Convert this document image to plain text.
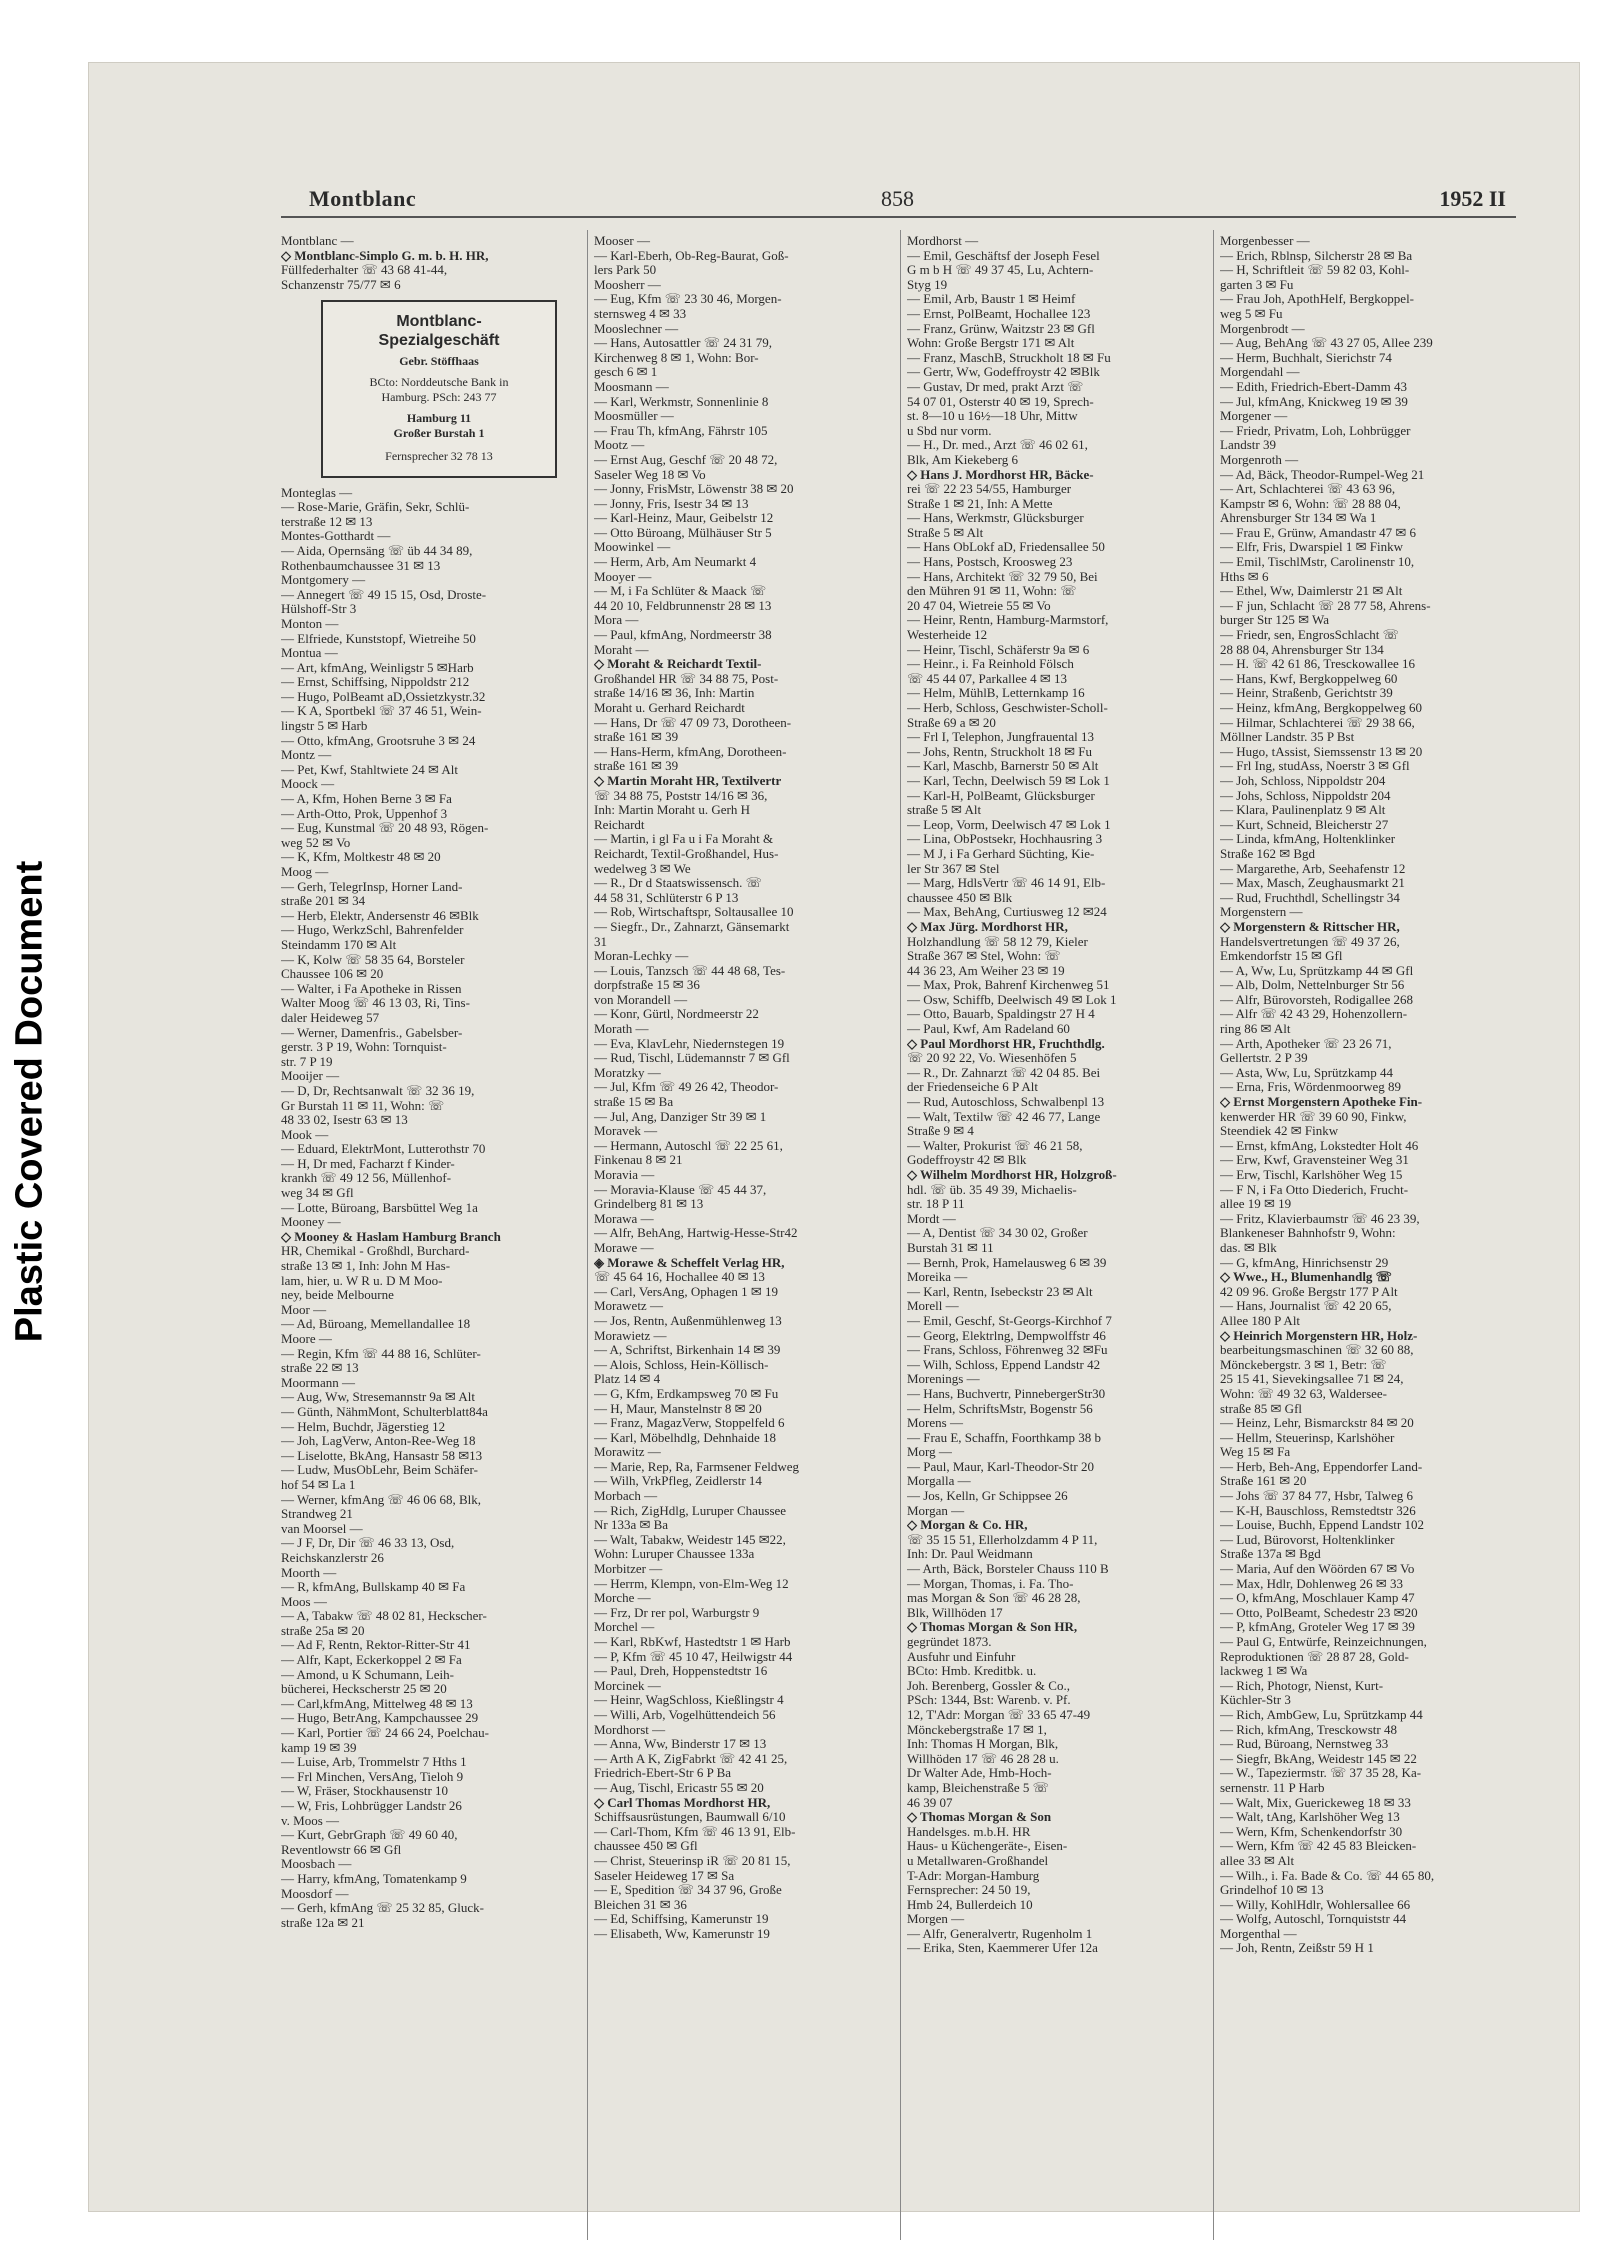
Plastic Covered Document
Montblanc	858	1952 II
Montblanc —
◇ Montblanc-Simplo G. m. b. H. HR,
Füllfederhalter ☏ 43 68 41-44,
Schanzenstr 75/77 ✉ 6
Montblanc-
Spezialgeschäft
Gebr. Stöffhaas
BCto: Norddeutsche Bank in
Hamburg. PSch: 243 77
Hamburg 11
Großer Burstah 1
Fernsprecher 32 78 13
Monteglas —
— Rose-Marie, Gräfin, Sekr, Schlü-
terstraße 12 ✉ 13
Montes-Gotthardt —
— Aida, Opernsäng ☏ üb 44 34 89,
Rothenbaumchaussee 31 ✉ 13
Montgomery —
— Annegert ☏ 49 15 15, Osd, Droste-
Hülshoff-Str 3
Monton —
— Elfriede, Kunststopf, Wietreihe 50
Montua —
— Art, kfmAng, Weinligstr 5 ✉Harb
— Ernst, Schiffsing, Nippoldstr 212
— Hugo, PolBeamt aD,Ossietzkystr.32
— K A, Sportbekl ☏ 37 46 51, Wein-
lingstr 5 ✉ Harb
— Otto, kfmAng, Grootsruhe 3 ✉ 24
Montz —
— Pet, Kwf, Stahltwiete 24 ✉ Alt
Moock —
— A, Kfm, Hohen Berne 3 ✉ Fa
— Arth-Otto, Prok, Uppenhof 3
— Eug, Kunstmal ☏ 20 48 93, Rögen-
weg 52 ✉ Vo
— K, Kfm, Moltkestr 48 ✉ 20
Moog —
— Gerh, TelegrInsp, Horner Land-
straße 201 ✉ 34
— Herb, Elektr, Andersenstr 46 ✉Blk
— Hugo, WerkzSchl, Bahrenfelder
Steindamm 170 ✉ Alt
— K, Kolw ☏ 58 35 64, Borsteler
Chaussee 106 ✉ 20
— Walter, i Fa Apotheke in Rissen
Walter Moog ☏ 46 13 03, Ri, Tins-
daler Heideweg 57
— Werner, Damenfris., Gabelsber-
gerstr. 3 P 19, Wohn: Tornquist-
str. 7 P 19
Mooijer —
— D, Dr, Rechtsanwalt ☏ 32 36 19,
Gr Burstah 11 ✉ 11, Wohn: ☏
48 33 02, Isestr 63 ✉ 13
Mook —
— Eduard, ElektrMont, Lutterothstr 70
— H, Dr med, Facharzt f Kinder-
krankh ☏ 49 12 56, Müllenhof-
weg 34 ✉ Gfl
— Lotte, Büroang, Barsbüttel Weg 1a
Mooney —
◇ Mooney & Haslam Hamburg Branch
HR, Chemikal - Großhdl, Burchard-
straße 13 ✉ 1, Inh: John M Has-
lam, hier, u. W R u. D M Moo-
ney, beide Melbourne
Moor —
— Ad, Büroang, Memellandallee 18
Moore —
— Regin, Kfm ☏ 44 88 16, Schlüter-
straße 22 ✉ 13
Moormann —
— Aug, Ww, Stresemannstr 9a ✉ Alt
— Günth, NähmMont, Schulterblatt84a
— Helm, Buchdr, Jägerstieg 12
— Joh, LagVerw, Anton-Ree-Weg 18
— Liselotte, BkAng, Hansastr 58 ✉13
— Ludw, MusObLehr, Beim Schäfer-
hof 54 ✉ La 1
— Werner, kfmAng ☏ 46 06 68, Blk,
Strandweg 21
van Moorsel —
— J F, Dr, Dir ☏ 46 33 13, Osd,
Reichskanzlerstr 26
Moorth —
— R, kfmAng, Bullskamp 40 ✉ Fa
Moos —
— A, Tabakw ☏ 48 02 81, Heckscher-
straße 25a ✉ 20
— Ad F, Rentn, Rektor-Ritter-Str 41
— Alfr, Kapt, Eckerkoppel 2 ✉ Fa
— Amond, u K Schumann, Leih-
bücherei, Heckscherstr 25 ✉ 20
— Carl,kfmAng, Mittelweg 48 ✉ 13
— Hugo, BetrAng, Kampchaussee 29
— Karl, Portier ☏ 24 66 24, Poelchau-
kamp 19 ✉ 39
— Luise, Arb, Trommelstr 7 Hths 1
— Frl Minchen, VersAng, Tieloh 9
— W, Fräser, Stockhausenstr 10
— W, Fris, Lohbrügger Landstr 26
v. Moos —
— Kurt, GebrGraph ☏ 49 60 40,
Reventlowstr 66 ✉ Gfl
Moosbach —
— Harry, kfmAng, Tomatenkamp 9
Moosdorf —
— Gerh, kfmAng ☏ 25 32 85, Gluck-
straße 12a ✉ 21
Mooser —
— Karl-Eberh, Ob-Reg-Baurat, Goß-
lers Park 50
Moosherr —
— Eug, Kfm ☏ 23 30 46, Morgen-
sternsweg 4 ✉ 33
Mooslechner —
— Hans, Autosattler ☏ 24 31 79,
Kirchenweg 8 ✉ 1, Wohn: Bor-
gesch 6 ✉ 1
Moosmann —
— Karl, Werkmstr, Sonnenlinie 8
Moosmüller —
— Frau Th, kfmAng, Fährstr 105
Mootz —
— Ernst Aug, Geschf ☏ 20 48 72,
Saseler Weg 18 ✉ Vo
— Jonny, FrisMstr, Löwenstr 38 ✉ 20
— Jonny, Fris, Isestr 34 ✉ 13
— Karl-Heinz, Maur, Geibelstr 12
— Otto Büroang, Mülhäuser Str 5
Moowinkel —
— Herm, Arb, Am Neumarkt 4
Mooyer —
— M, i Fa Schlüter & Maack ☏
44 20 10, Feldbrunnenstr 28 ✉ 13
Mora —
— Paul, kfmAng, Nordmeerstr 38
Moraht —
◇ Moraht & Reichardt Textil-
Großhandel HR ☏ 34 88 75, Post-
straße 14/16 ✉ 36, Inh: Martin
Moraht u. Gerhard Reichardt
— Hans, Dr ☏ 47 09 73, Dorotheen-
straße 161 ✉ 39
— Hans-Herm, kfmAng, Dorotheen-
straße 161 ✉ 39
◇ Martin Moraht HR, Textilvertr
☏ 34 88 75, Poststr 14/16 ✉ 36,
Inh: Martin Moraht u. Gerh H
Reichardt
— Martin, i gl Fa u i Fa Moraht &
Reichardt, Textil-Großhandel, Hus-
wedelweg 3 ✉ We
— R., Dr d Staatswissensch. ☏
44 58 31, Schlüterstr 6 P 13
— Rob, Wirtschaftspr, Soltausallee 10
— Siegfr., Dr., Zahnarzt, Gänsemarkt
31
Moran-Lechky —
— Louis, Tanzsch ☏ 44 48 68, Tes-
dorpfstraße 15 ✉ 36
von Morandell —
— Konr, Gürtl, Nordmeerstr 22
Morath —
— Eva, KlavLehr, Niedernstegen 19
— Rud, Tischl, Lüdemannstr 7 ✉ Gfl
Moratzky —
— Jul, Kfm ☏ 49 26 42, Theodor-
straße 15 ✉ Ba
— Jul, Ang, Danziger Str 39 ✉ 1
Moravek —
— Hermann, Autoschl ☏ 22 25 61,
Finkenau 8 ✉ 21
Moravia —
— Moravia-Klause ☏ 45 44 37,
Grindelberg 81 ✉ 13
Morawa —
— Alfr, BehAng, Hartwig-Hesse-Str42
Morawe —
◈ Morawe & Scheffelt Verlag HR,
☏ 45 64 16, Hochallee 40 ✉ 13
— Carl, VersAng, Ophagen 1 ✉ 19
Morawetz —
— Jos, Rentn, Außenmühlenweg 13
Morawietz —
— A, Schriftst, Birkenhain 14 ✉ 39
— Alois, Schloss, Hein-Köllisch-
Platz 14 ✉ 4
— G, Kfm, Erdkampsweg 70 ✉ Fu
— H, Maur, Manstelnstr 8 ✉ 20
— Franz, MagazVerw, Stoppelfeld 6
— Karl, Möbelhdlg, Dehnhaide 18
Morawitz —
— Marie, Rep, Ra, Farmsener Feldweg
— Wilh, VrkPfleg, Zeidlerstr 14
Morbach —
— Rich, ZigHdlg, Luruper Chaussee
Nr 133a ✉ Ba
— Walt, Tabakw, Weidestr 145 ✉22,
Wohn: Luruper Chaussee 133a
Morbitzer —
— Herrm, Klempn, von-Elm-Weg 12
Morche —
— Frz, Dr rer pol, Warburgstr 9
Morchel —
— Karl, RbKwf, Hastedtstr 1 ✉ Harb
— P, Kfm ☏ 45 10 47, Heilwigstr 44
— Paul, Dreh, Hoppenstedtstr 16
Morcinek —
— Heinr, WagSchloss, Kießlingstr 4
— Willi, Arb, Vogelhüttendeich 56
Mordhorst —
— Anna, Ww, Binderstr 17 ✉ 13
— Arth A K, ZigFabrkt ☏ 42 41 25,
Friedrich-Ebert-Str 6 P Ba
— Aug, Tischl, Ericastr 55 ✉ 20
◇ Carl Thomas Mordhorst HR,
Schiffsausrüstungen, Baumwall 6/10
— Carl-Thom, Kfm ☏ 46 13 91, Elb-
chaussee 450 ✉ Gfl
— Christ, Steuerinsp iR ☏ 20 81 15,
Saseler Heideweg 17 ✉ Sa
— E, Spedition ☏ 34 37 96, Große
Bleichen 31 ✉ 36
— Ed, Schiffsing, Kamerunstr 19
— Elisabeth, Ww, Kamerunstr 19
Mordhorst —
— Emil, Geschäftsf der Joseph Fesel
G m b H ☏ 49 37 45, Lu, Achtern-
Styg 19
— Emil, Arb, Baustr 1 ✉ Heimf
— Ernst, PolBeamt, Hochallee 123
— Franz, Grünw, Waitzstr 23 ✉ Gfl
Wohn: Große Bergstr 171 ✉ Alt
— Franz, MaschB, Struckholt 18 ✉ Fu
— Gertr, Ww, Godeffroystr 42 ✉Blk
— Gustav, Dr med, prakt Arzt ☏
54 07 01, Osterstr 40 ✉ 19, Sprech-
st. 8—10 u 16½—18 Uhr, Mittw
u Sbd nur vorm.
— H., Dr. med., Arzt ☏ 46 02 61,
Blk, Am Kiekeberg 6
◇ Hans J. Mordhorst HR, Bäcke-
rei ☏ 22 23 54/55, Hamburger
Straße 1 ✉ 21, Inh: A Mette
— Hans, Werkmstr, Glücksburger
Straße 5 ✉ Alt
— Hans ObLokf aD, Friedensallee 50
— Hans, Postsch, Kroosweg 23
— Hans, Architekt ☏ 32 79 50, Bei
den Mühren 91 ✉ 11, Wohn: ☏
20 47 04, Wietreie 55 ✉ Vo
— Heinr, Rentn, Hamburg-Marmstorf,
Westerheide 12
— Heinr, Tischl, Schäferstr 9a ✉ 6
— Heinr., i. Fa Reinhold Fölsch
☏ 45 44 07, Parkallee 4 ✉ 13
— Helm, MühlB, Letternkamp 16
— Herb, Schloss, Geschwister-Scholl-
Straße 69 a ✉ 20
— Frl I, Telephon, Jungfrauental 13
— Johs, Rentn, Struckholt 18 ✉ Fu
— Karl, Maschb, Barnerstr 50 ✉ Alt
— Karl, Techn, Deelwisch 59 ✉ Lok 1
— Karl-H, PolBeamt, Glücksburger
straße 5 ✉ Alt
— Leop, Vorm, Deelwisch 47 ✉ Lok 1
— Lina, ObPostsekr, Hochhausring 3
— M J, i Fa Gerhard Süchting, Kie-
ler Str 367 ✉ Stel
— Marg, HdlsVertr ☏ 46 14 91, Elb-
chaussee 450 ✉ Blk
— Max, BehAng, Curtiusweg 12 ✉24
◇ Max Jürg. Mordhorst HR,
Holzhandlung ☏ 58 12 79, Kieler
Straße 367 ✉ Stel, Wohn: ☏
44 36 23, Am Weiher 23 ✉ 19
— Max, Prok, Bahrenf Kirchenweg 51
— Osw, Schiffb, Deelwisch 49 ✉ Lok 1
— Otto, Bauarb, Spaldingstr 27 H 4
— Paul, Kwf, Am Radeland 60
◇ Paul Mordhorst HR, Fruchthdlg.
☏ 20 92 22, Vo. Wiesenhöfen 5
— R., Dr. Zahnarzt ☏ 42 04 85. Bei
der Friedenseiche 6 P Alt
— Rud, Autoschloss, Schwalbenpl 13
— Walt, Textilw ☏ 42 46 77, Lange
Straße 9 ✉ 4
— Walter, Prokurist ☏ 46 21 58,
Godeffroystr 42 ✉ Blk
◇ Wilhelm Mordhorst HR, Holzgroß-
hdl. ☏ üb. 35 49 39, Michaelis-
str. 18 P 11
Mordt —
— A, Dentist ☏ 34 30 02, Großer
Burstah 31 ✉ 11
— Bernh, Prok, Hamelausweg 6 ✉ 39
Moreika —
— Karl, Rentn, Isebeckstr 23 ✉ Alt
Morell —
— Emil, Geschf, St-Georgs-Kirchhof 7
— Georg, Elektrlng, Dempwolffstr 46
— Frans, Schloss, Föhrenweg 32 ✉Fu
— Wilh, Schloss, Eppend Landstr 42
Morenings —
— Hans, Buchvertr, PinnebergerStr30
— Helm, SchriftsMstr, Bogenstr 56
Morens —
— Frau E, Schaffn, Foorthkamp 38 b
Morg —
— Paul, Maur, Karl-Theodor-Str 20
Morgalla —
— Jos, Kelln, Gr Schippsee 26
Morgan —
◇ Morgan & Co. HR,
☏ 35 15 51, Ellerholzdamm 4 P 11,
Inh: Dr. Paul Weidmann
— Arth, Bäck, Borsteler Chauss 110 B
— Morgan, Thomas, i. Fa. Tho-
mas Morgan & Son ☏ 46 28 28,
Blk, Willhöden 17
◇ Thomas Morgan & Son HR,
gegründet 1873.
Ausfuhr und Einfuhr
BCto: Hmb. Kreditbk. u.
Joh. Berenberg, Gossler & Co.,
PSch: 1344, Bst: Warenb. v. Pf.
12, T'Adr: Morgan ☏ 33 65 47-49
Mönckebergstraße 17 ✉ 1,
Inh: Thomas H Morgan, Blk,
Willhöden 17 ☏ 46 28 28 u.
Dr Walter Ade, Hmb-Hoch-
kamp, Bleichenstraße 5 ☏
46 39 07
◇ Thomas Morgan & Son
Handelsges. m.b.H. HR
Haus- u Küchengeräte-, Eisen-
u Metallwaren-Großhandel
T-Adr: Morgan-Hamburg
Fernsprecher: 24 50 19,
Hmb 24, Bullerdeich 10
Morgen —
— Alfr, Generalvertr, Rugenholm 1
— Erika, Sten, Kaemmerer Ufer 12a
Morgenbesser —
— Erich, Rblnsp, Silcherstr 28 ✉ Ba
— H, Schriftleit ☏ 59 82 03, Kohl-
garten 3 ✉ Fu
— Frau Joh, ApothHelf, Bergkoppel-
weg 5 ✉ Fu
Morgenbrodt —
— Aug, BehAng ☏ 43 27 05, Allee 239
— Herm, Buchhalt, Sierichstr 74
Morgendahl —
— Edith, Friedrich-Ebert-Damm 43
— Jul, kfmAng, Knickweg 19 ✉ 39
Morgener —
— Friedr, Privatm, Loh, Lohbrügger
Landstr 39
Morgenroth —
— Ad, Bäck, Theodor-Rumpel-Weg 21
— Art, Schlachterei ☏ 43 63 96,
Kampstr ✉ 6, Wohn: ☏ 28 88 04,
Ahrensburger Str 134 ✉ Wa 1
— Frau E, Grünw, Amandastr 47 ✉ 6
— Elfr, Fris, Dwarspiel 1 ✉ Finkw
— Emil, TischlMstr, Carolinenstr 10,
Hths ✉ 6
— Ethel, Ww, Daimlerstr 21 ✉ Alt
— F jun, Schlacht ☏ 28 77 58, Ahrens-
burger Str 125 ✉ Wa
— Friedr, sen, EngrosSchlacht ☏
28 88 04, Ahrensburger Str 134
— H. ☏ 42 61 86, Tresckowallee 16
— Hans, Kwf, Bergkoppelweg 60
— Heinr, Straßenb, Gerichtstr 39
— Heinz, kfmAng, Bergkoppelweg 60
— Hilmar, Schlachterei ☏ 29 38 66,
Möllner Landstr. 35 P Bst
— Hugo, tAssist, Siemssenstr 13 ✉ 20
— Frl Ing, studAss, Noerstr 3 ✉ Gfl
— Joh, Schloss, Nippoldstr 204
— Johs, Schloss, Nippoldstr 204
— Klara, Paulinenplatz 9 ✉ Alt
— Kurt, Schneid, Bleicherstr 27
— Linda, kfmAng, Holtenklinker
Straße 162 ✉ Bgd
— Margarethe, Arb, Seehafenstr 12
— Max, Masch, Zeughausmarkt 21
— Rud, Fruchthdl, Schellingstr 34
Morgenstern —
◇ Morgenstern & Rittscher HR,
Handelsvertretungen ☏ 49 37 26,
Emkendorfstr 15 ✉ Gfl
— A, Ww, Lu, Sprützkamp 44 ✉ Gfl
— Alb, Dolm, Nettelnburger Str 56
— Alfr, Bürovorsteh, Rodigallee 268
— Alfr ☏ 42 43 29, Hohenzollern-
ring 86 ✉ Alt
— Arth, Apotheker ☏ 23 26 71,
Gellertstr. 2 P 39
— Asta, Ww, Lu, Sprützkamp 44
— Erna, Fris, Wördenmoorweg 89
◇ Ernst Morgenstern Apotheke Fin-
kenwerder HR ☏ 39 60 90, Finkw,
Steendiek 42 ✉ Finkw
— Ernst, kfmAng, Lokstedter Holt 46
— Erw, Kwf, Gravensteiner Weg 31
— Erw, Tischl, Karlshöher Weg 15
— F N, i Fa Otto Diederich, Frucht-
allee 19 ✉ 19
— Fritz, Klavierbaumstr ☏ 46 23 39,
Blankeneser Bahnhofstr 9, Wohn:
das. ✉ Blk
— G, kfmAng, Hinrichsenstr 29
◇ Wwe., H., Blumenhandlg ☏
42 09 96. Große Bergstr 177 P Alt
— Hans, Journalist ☏ 42 20 65,
Allee 180 P Alt
◇ Heinrich Morgenstern HR, Holz-
bearbeitungsmaschinen ☏ 32 60 88,
Mönckebergstr. 3 ✉ 1, Betr: ☏
25 15 41, Sievekingsallee 71 ✉ 24,
Wohn: ☏ 49 32 63, Waldersee-
straße 85 ✉ Gfl
— Heinz, Lehr, Bismarckstr 84 ✉ 20
— Hellm, Steuerinsp, Karlshöher
Weg 15 ✉ Fa
— Herb, Beh-Ang, Eppendorfer Land-
Straße 161 ✉ 20
— Johs ☏ 37 84 77, Hsbr, Talweg 6
— K-H, Bauschloss, Remstedtstr 326
— Louise, Buchh, Eppend Landstr 102
— Lud, Bürovorst, Holtenklinker
Straße 137a ✉ Bgd
— Maria, Auf den Wöörden 67 ✉ Vo
— Max, Hdlr, Dohlenweg 26 ✉ 33
— O, kfmAng, Moschlauer Kamp 47
— Otto, PolBeamt, Schedestr 23 ✉20
— P, kfmAng, Groteler Weg 17 ✉ 39
— Paul G, Entwürfe, Reinzeichnungen,
Reproduktionen ☏ 28 87 28, Gold-
lackweg 1 ✉ Wa
— Rich, Photogr, Nienst, Kurt-
Küchler-Str 3
— Rich, AmbGew, Lu, Sprützkamp 44
— Rich, kfmAng, Tresckowstr 48
— Rud, Büroang, Nernstweg 33
— Siegfr, BkAng, Weidestr 145 ✉ 22
— W., Tapeziermstr. ☏ 37 35 28, Ka-
sernenstr. 11 P Harb
— Walt, Mix, Guerickeweg 18 ✉ 33
— Walt, tAng, Karlshöher Weg 13
— Wern, Kfm, Schenkendorfstr 30
— Wern, Kfm ☏ 42 45 83 Bleicken-
allee 33 ✉ Alt
— Wilh., i. Fa. Bade & Co. ☏ 44 65 80,
Grindelhof 10 ✉ 13
— Willy, KohlHdlr, Wohlersallee 66
— Wolfg, Autoschl, Tornquiststr 44
Morgenthal —
— Joh, Rentn, Zeißstr 59 H 1
